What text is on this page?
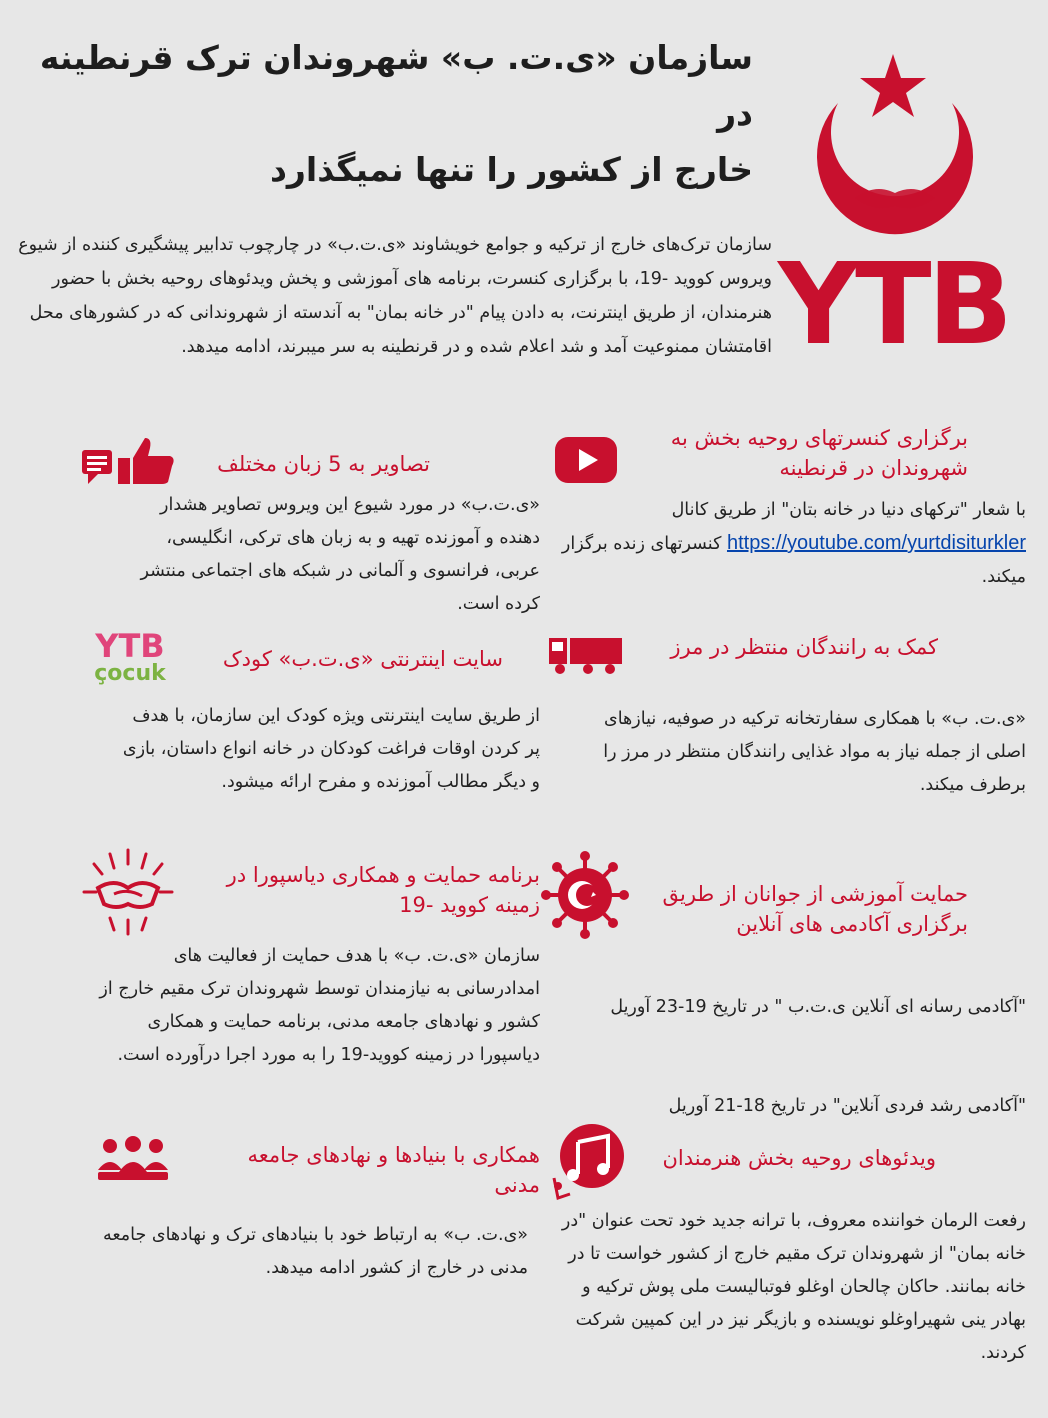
سازمان «ی.ت. ب» شهروندان ترک قرنطینه در
خارج از کشور را تنها نمیگذارد
YTB
سازمان ترک‌های خارج از ترکیه و جوامع خویشاوند «ی.ت.ب» در چارچوب تدابیر پیشگیری کننده از شیوع ویروس کووید -19، با برگزاری کنسرت، برنامه های آموزشی و پخش ویدئوهای روحیه بخش با حضور هنرمندان، از طریق اینترنت، به دادن پیام "در خانه بمان" به آندسته از شهروندانی که در کشورهای محل اقامتشان ممنوعیت آمد و شد اعلام شده و در قرنطینه به سر میبرند، ادامه میدهد.
برگزاری کنسرتهای روحیه بخش به شهروندان در قرنطینه
با شعار "ترکهای دنیا در خانه بتان" از طریق کانال https://youtube.com/yurtdisiturkler کنسرتهای زنده برگزار میکند.
تصاویر به 5 زبان مختلف
«ی.ت.ب» در مورد شیوع این ویروس تصاویر هشدار دهنده و آموزنده تهیه و به زبان های ترکی، انگلیسی، عربی، فرانسوی و آلمانی در شبکه های اجتماعی منتشر کرده است.
کمک به رانندگان منتظر در مرز
«ی.ت. ب» با همکاری سفارتخانه ترکیه در صوفیه، نیازهای اصلی از جمله نیاز به مواد غذایی رانندگان منتظر در مرز را برطرف میکند.
YTB
çocuk
سایت اینترنتی «ی.ت.ب» کودک
از طریق سایت اینترنتی ویژه کودک این سازمان، با هدف پر کردن اوقات فراغت کودکان در خانه انواع داستان، بازی و دیگر مطالب آموزنده و مفرح ارائه میشود.
حمایت آموزشی از جوانان از طریق برگزاری آکادمی های آنلاین
"آکادمی رسانه ای آنلاین ی.ت.ب " در تاریخ 19-23 آوریل
"آکادمی رشد فردی آنلاین" در تاریخ 18-21 آوریل
برنامه حمایت و همکاری دیاسپورا در زمینه کووید -19
سازمان «ی.ت. ب» با هدف حمایت از فعالیت های امدادرسانی به نیازمندان توسط شهروندان ترک مقیم خارج از کشور و نهادهای جامعه مدنی، برنامه حمایت و همکاری دیاسپورا در زمینه کووید-19 را به مورد اجرا درآورده است.
ویدئوهای روحیه بخش هنرمندان
رفعت الرمان خواننده معروف، با ترانه جدید خود تحت عنوان "در خانه بمان" از شهروندان ترک مقیم خارج از کشور خواست تا در خانه بمانند. حاکان چالحان اوغلو فوتبالیست ملی پوش ترکیه و بهادر ینی شهیراوغلو نویسنده و بازیگر نیز در این کمپین شرکت کردند.
همکاری با بنیادها و نهادهای جامعه مدنی
«ی.ت. ب» به ارتباط خود با بنیادهای ترک و نهادهای جامعه مدنی در خارج از کشور ادامه میدهد.
